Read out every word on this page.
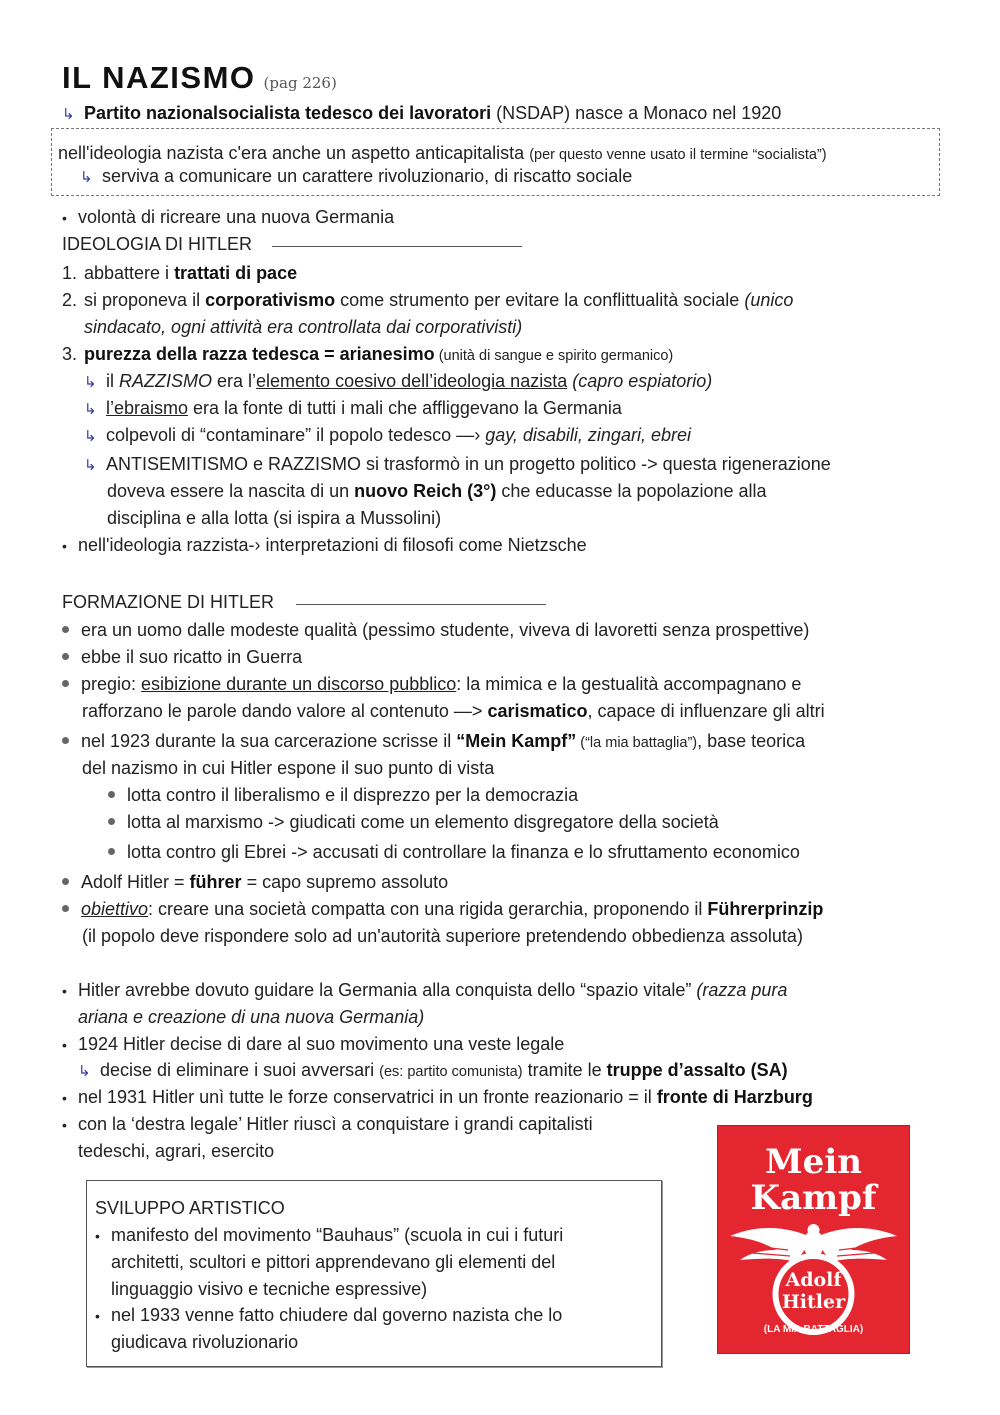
IL NAZISMO (pag 226)
↳ Partito nazionalsocialista tedesco dei lavoratori (NSDAP) nasce a Monaco nel 1920
nell'ideologia nazista c'era anche un aspetto anticapitalista (per questo venne usato il termine “socialista”)
↳ serviva a comunicare un carattere rivoluzionario, di riscatto sociale
• volontà di ricreare una nuova Germania
IDEOLOGIA DI HITLER
1. abbattere i trattati di pace
2. si proponeva il corporativismo come strumento per evitare la conflittualità sociale (unico
sindacato, ogni attività era controllata dai corporativisti)
3. purezza della razza tedesca = arianesimo (unità di sangue e spirito germanico)
↳ il RAZZISMO era l’elemento coesivo dell’ideologia nazista (capro espiatorio)
↳ l’ebraismo era la fonte di tutti i mali che affliggevano la Germania
↳ colpevoli di “contaminare” il popolo tedesco —› gay, disabili, zingari, ebrei
↳ ANTISEMITISMO e RAZZISMO si trasformò in un progetto politico -> questa rigenerazione
doveva essere la nascita di un nuovo Reich (3°) che educasse la popolazione alla
disciplina e alla lotta (si ispira a Mussolini)
• nell'ideologia razzista-› interpretazioni di filosofi come Nietzsche
FORMAZIONE DI HITLER
era un uomo dalle modeste qualità (pessimo studente, viveva di lavoretti senza prospettive)
ebbe il suo ricatto in Guerra
pregio: esibizione durante un discorso pubblico: la mimica e la gestualità accompagnano e
rafforzano le parole dando valore al contenuto —> carismatico, capace di influenzare gli altri
nel 1923 durante la sua carcerazione scrisse il “Mein Kampf” (“la mia battaglia”), base teorica
del nazismo in cui Hitler espone il suo punto di vista
lotta contro il liberalismo e il disprezzo per la democrazia
lotta al marxismo -> giudicati come un elemento disgregatore della società
lotta contro gli Ebrei -> accusati di controllare la finanza e lo sfruttamento economico
Adolf Hitler = führer = capo supremo assoluto
obiettivo: creare una società compatta con una rigida gerarchia, proponendo il Führerprinzip
(il popolo deve rispondere solo ad un'autorità superiore pretendendo obbedienza assoluta)
• Hitler avrebbe dovuto guidare la Germania alla conquista dello “spazio vitale” (razza pura
ariana e creazione di una nuova Germania)
• 1924 Hitler decise di dare al suo movimento una veste legale
↳ decise di eliminare i suoi avversari (es: partito comunista) tramite le truppe d’assalto (SA)
• nel 1931 Hitler unì tutte le forze conservatrici in un fronte reazionario = il fronte di Harzburg
• con la ‘destra legale’ Hitler riuscì a conquistare i grandi capitalisti
tedeschi, agrari, esercito
SVILUPPO ARTISTICO
• manifesto del movimento “Bauhaus” (scuola in cui i futuri
architetti, scultori e pittori apprendevano gli elementi del
linguaggio visivo e tecniche espressive)
• nel 1933 venne fatto chiudere dal governo nazista che lo
giudicava rivoluzionario
Mein
Kampf
Adolf
Hitler
(LA MIA BATTAGLIA)
